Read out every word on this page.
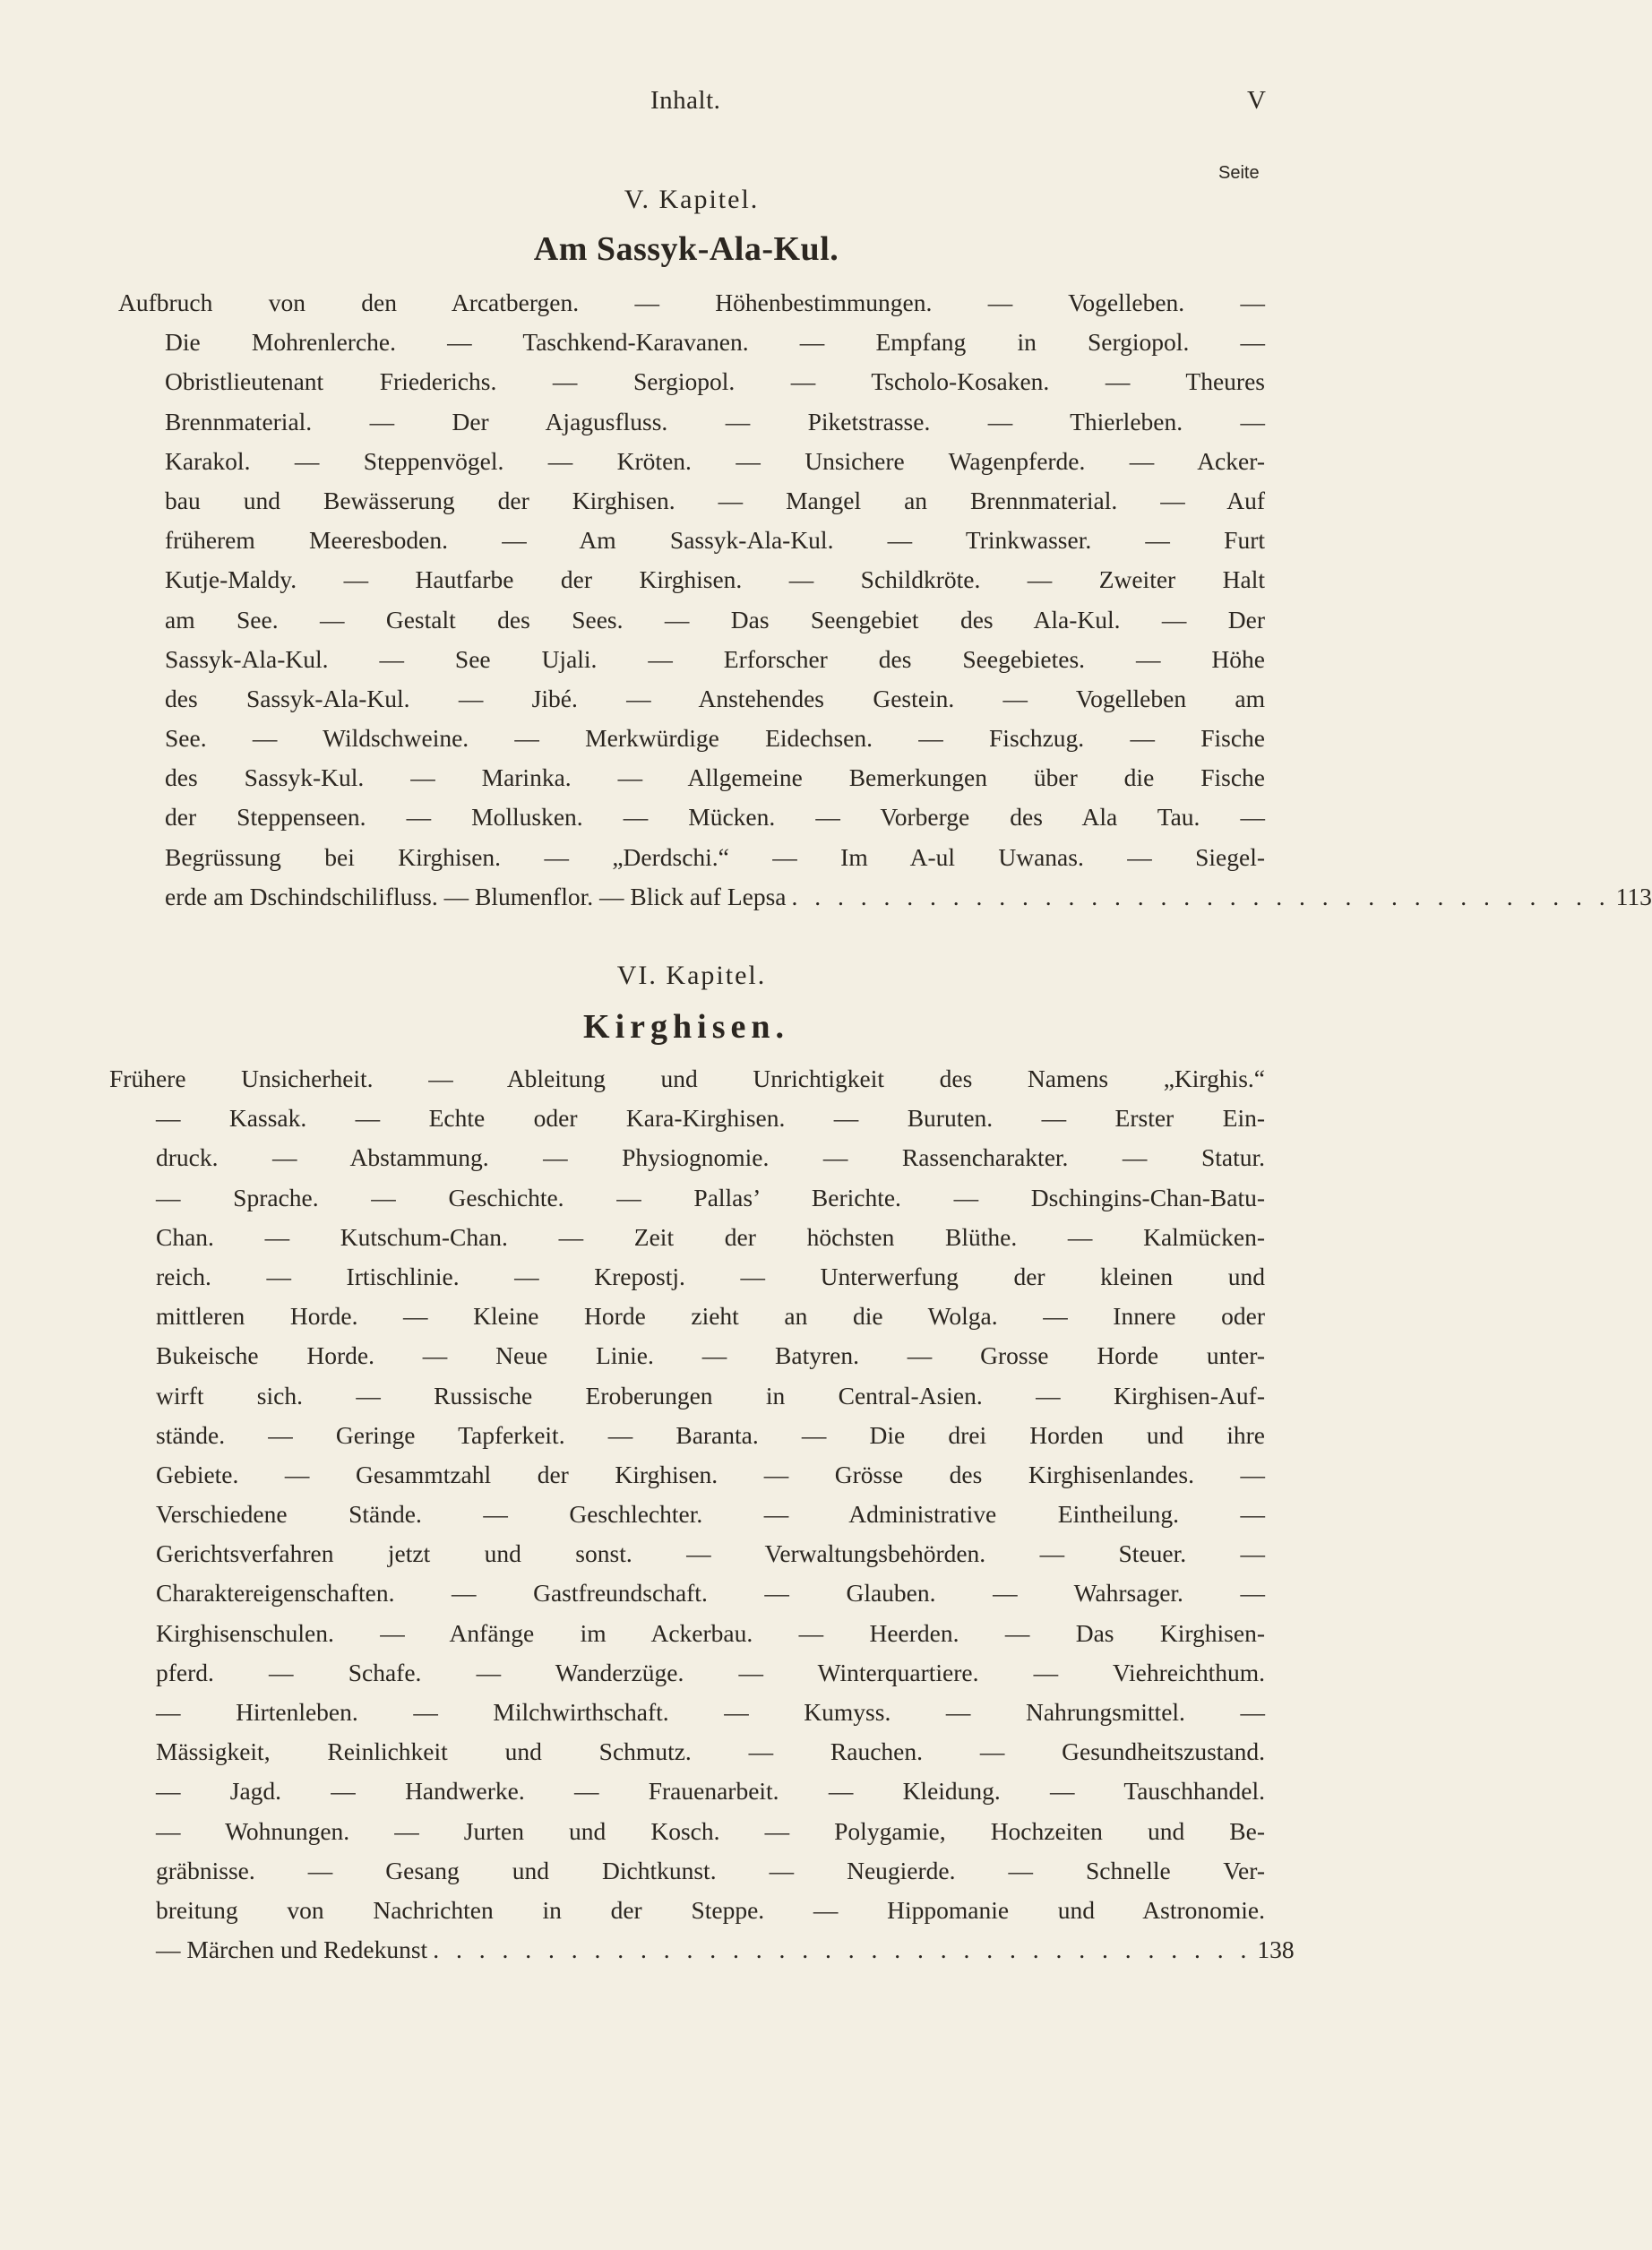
Inhalt.	V
Seite
V. Kapitel.
Am Sassyk-Ala-Kul.
Aufbruch von den Arcatbergen. — Höhenbestimmungen. — Vogelleben. —
Die Mohrenlerche. — Taschkend-Karavanen. — Empfang in Sergiopol. —
Obristlieutenant Friederichs. — Sergiopol. — Tscholo-Kosaken. — Theures
Brennmaterial. — Der Ajagusfluss. — Piketstrasse. — Thierleben. —
Karakol. — Steppenvögel. — Kröten. — Unsichere Wagenpferde. — Acker-
bau und Bewässerung der Kirghisen. — Mangel an Brennmaterial. — Auf
früherem Meeresboden. — Am Sassyk-Ala-Kul. — Trinkwasser. — Furt
Kutje-Maldy. — Hautfarbe der Kirghisen. — Schildkröte. — Zweiter Halt
am See. — Gestalt des Sees. — Das Seengebiet des Ala-Kul. — Der
Sassyk-Ala-Kul. — See Ujali. — Erforscher des Seegebietes. — Höhe
des Sassyk-Ala-Kul. — Jibé. — Anstehendes Gestein. — Vogelleben am
See. — Wildschweine. — Merkwürdige Eidechsen. — Fischzug. — Fische
des Sassyk-Kul. — Marinka. — Allgemeine Bemerkungen über die Fische
der Steppenseen. — Mollusken. — Mücken. — Vorberge des Ala Tau. —
Begrüssung bei Kirghisen. — „Derdschi.“ — Im A-ul Uwanas. — Siegel-
erde am Dschindschilifluss. — Blumenflor. — Blick auf Lepsa . . . . . . . . . . . . . . . . . . . . . . . . . . . . . . . . . . . . 113
VI. Kapitel.
Kirghisen.
Frühere Unsicherheit. — Ableitung und Unrichtigkeit des Namens „Kirghis.“
— Kassak. — Echte oder Kara-Kirghisen. — Buruten. — Erster Ein-
druck. — Abstammung. — Physiognomie. — Rassencharakter. — Statur.
— Sprache. — Geschichte. — Pallas’ Berichte. — Dschingins-Chan-Batu-
Chan. — Kutschum-Chan. — Zeit der höchsten Blüthe. — Kalmücken-
reich. — Irtischlinie. — Krepostj. — Unterwerfung der kleinen und
mittleren Horde. — Kleine Horde zieht an die Wolga. — Innere oder
Bukeische Horde. — Neue Linie. — Batyren. — Grosse Horde unter-
wirft sich. — Russische Eroberungen in Central-Asien. — Kirghisen-Auf-
stände. — Geringe Tapferkeit. — Baranta. — Die drei Horden und ihre
Gebiete. — Gesammtzahl der Kirghisen. — Grösse des Kirghisenlandes. —
Verschiedene Stände. — Geschlechter. — Administrative Eintheilung. —
Gerichtsverfahren jetzt und sonst. — Verwaltungsbehörden. — Steuer. —
Charaktereigenschaften. — Gastfreundschaft. — Glauben. — Wahrsager. —
Kirghisenschulen. — Anfänge im Ackerbau. — Heerden. — Das Kirghisen-
pferd. — Schafe. — Wanderzüge. — Winterquartiere. — Viehreichthum.
— Hirtenleben. — Milchwirthschaft. — Kumyss. — Nahrungsmittel. —
Mässigkeit, Reinlichkeit und Schmutz. — Rauchen. — Gesundheitszustand.
— Jagd. — Handwerke. — Frauenarbeit. — Kleidung. — Tauschhandel.
— Wohnungen. — Jurten und Kosch. — Polygamie, Hochzeiten und Be-
gräbnisse. — Gesang und Dichtkunst. — Neugierde. — Schnelle Ver-
breitung von Nachrichten in der Steppe. — Hippomanie und Astronomie.
— Märchen und Redekunst . . . . . . . . . . . . . . . . . . . . . . . . . . . . . . . . . . . . 138
